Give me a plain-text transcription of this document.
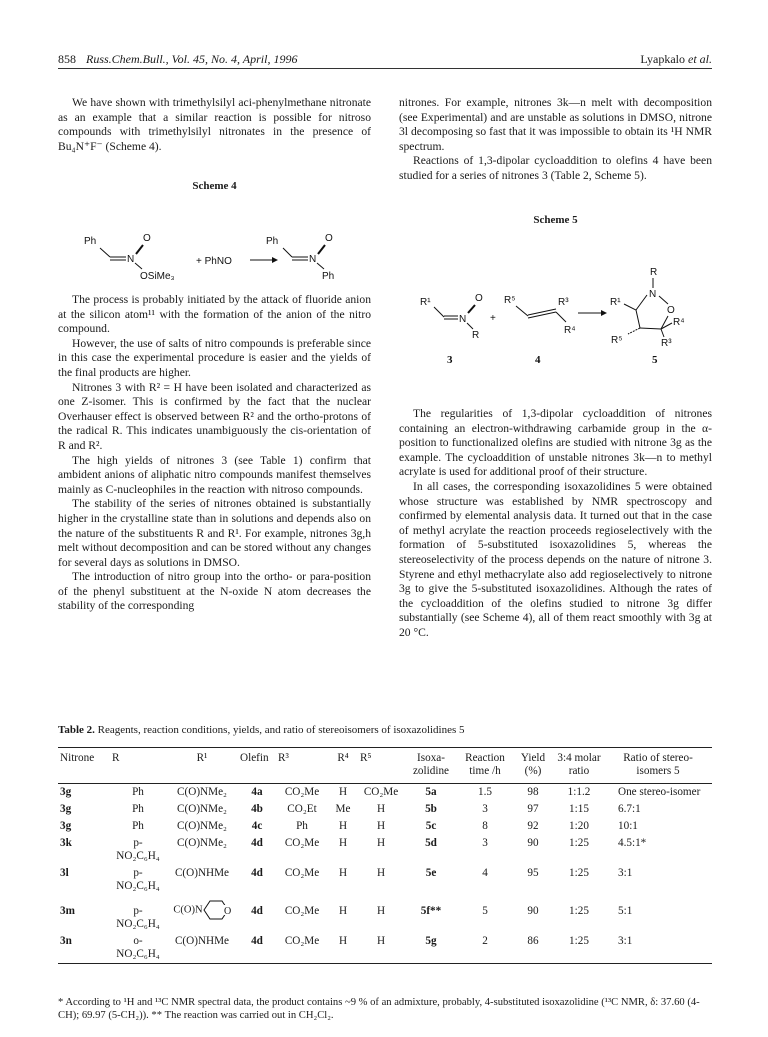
858 Russ.Chem.Bull., Vol. 45, No. 4, April, 1996	Lyapkalo et al.

We have shown with trimethylsilyl aci-phenylmethane nitronate as an example that a similar reaction is possible for nitroso compounds with trimethylsilyl nitronates in the presence of Bu₄N⁺F⁻ (Scheme 4).

Scheme 4
Ph
N
O
OSiMe₃
+ PhNO
Ph
N
O
Ph

The process is probably initiated by the attack of fluoride anion at the silicon atom¹¹ with the formation of the anion of the nitro compound.

However, the use of salts of nitro compounds is preferable since in this case the experimental procedure is easier and the yields of the final products are higher.

Nitrones 3 with R² = H have been isolated and characterized as one Z-isomer. This is confirmed by the fact that the nuclear Overhauser effect is observed between R² and the ortho-protons of the radical R. This indicates unambiguously the cis-orientation of R and R².

The high yields of nitrones 3 (see Table 1) confirm that ambident anions of aliphatic nitro compounds manifest themselves mainly as C-nucleophiles in the reaction with nitroso compounds.

The stability of the series of nitrones obtained is substantially higher in the crystalline state than in solutions and depends also on the nature of the substituents R and R¹. For example, nitrones 3g,h melt without decomposition and can be stored without any changes for several days as solutions in DMSO.

The introduction of nitro group into the ortho- or para-position of the phenyl substituent at the N-oxide N atom decreases the stability of the corresponding

nitrones. For example, nitrones 3k—n melt with decomposition (see Experimental) and are unstable as solutions in DMSO, nitrone 3l decomposing so fast that it was impossible to obtain its ¹H NMR spectrum.

Reactions of 1,3-dipolar cycloaddition to olefins 4 have been studied for a series of nitrones 3 (Table 2, Scheme 5).

Scheme 5
R¹
N
O
R
+
R⁵	R³
R⁴
R
N
R¹
O
R⁵
R⁴
R³
3	4	5

The regularities of 1,3-dipolar cycloaddition of nitrones containing an electron-withdrawing carbamide group in the α-position to functionalized olefins are studied with nitrone 3g as the example. The cycloaddition of unstable nitrones 3k—n to methyl acrylate is used for additional proof of their structure.

In all cases, the corresponding isoxazolidines 5 were obtained whose structure was established by NMR spectroscopy and confirmed by elemental analysis data. It turned out that in the case of methyl acrylate the reaction proceeds regioselectively with the formation of 5-substituted isoxazolidines 5, whereas the stereoselectivity of the process depends on the nature of nitrone 3. Styrene and ethyl methacrylate also add regioselectively to nitrone 3g to give the 5-substituted isoxazolidines. Although the rates of the cycloaddition of the olefins studied to nitrone 3g differ substantially (see Scheme 4), all of them react smoothly with 3g at 20 °C.

Table 2. Reagents, reaction conditions, yields, and ratio of stereoisomers of isoxazolidines 5
Nitrone	R	R¹	Olefin	R³	R⁴	R⁵	Isoxa-zolidine	Reaction time /h	Yield (%)	3:4 molar ratio	Ratio of stereo-isomers 5
3g	Ph	C(O)NMe₂	4a	CO₂Me	H	CO₂Me	5a	1.5	98	1:1.2	One stereo-isomer
3g	Ph	C(O)NMe₂	4b	CO₂Et	Me	H	5b	3	97	1:15	6.7:1
3g	Ph	C(O)NMe₂	4c	Ph	H	H	5c	8	92	1:20	10:1
3k	p-NO₂C₆H₄	C(O)NMe₂	4d	CO₂Me	H	H	5d	3	90	1:25	4.5:1*
3l	p-NO₂C₆H₄	C(O)NHMe	4d	CO₂Me	H	H	5e	4	95	1:25	3:1
3m	p-NO₂C₆H₄	C(O)N O	4d	CO₂Me	H	H	5f**	5	90	1:25	5:1
3n	o-NO₂C₆H₄	C(O)NHMe	4d	CO₂Me	H	H	5g	2	86	1:25	3:1
* According to ¹H and ¹³C NMR spectral data, the product contains ~9 % of an admixture, probably, 4-substituted isoxazolidine (¹³C NMR, δ: 37.60 (4-CH); 69.97 (5-CH₂)). ** The reaction was carried out in CH₂Cl₂.
